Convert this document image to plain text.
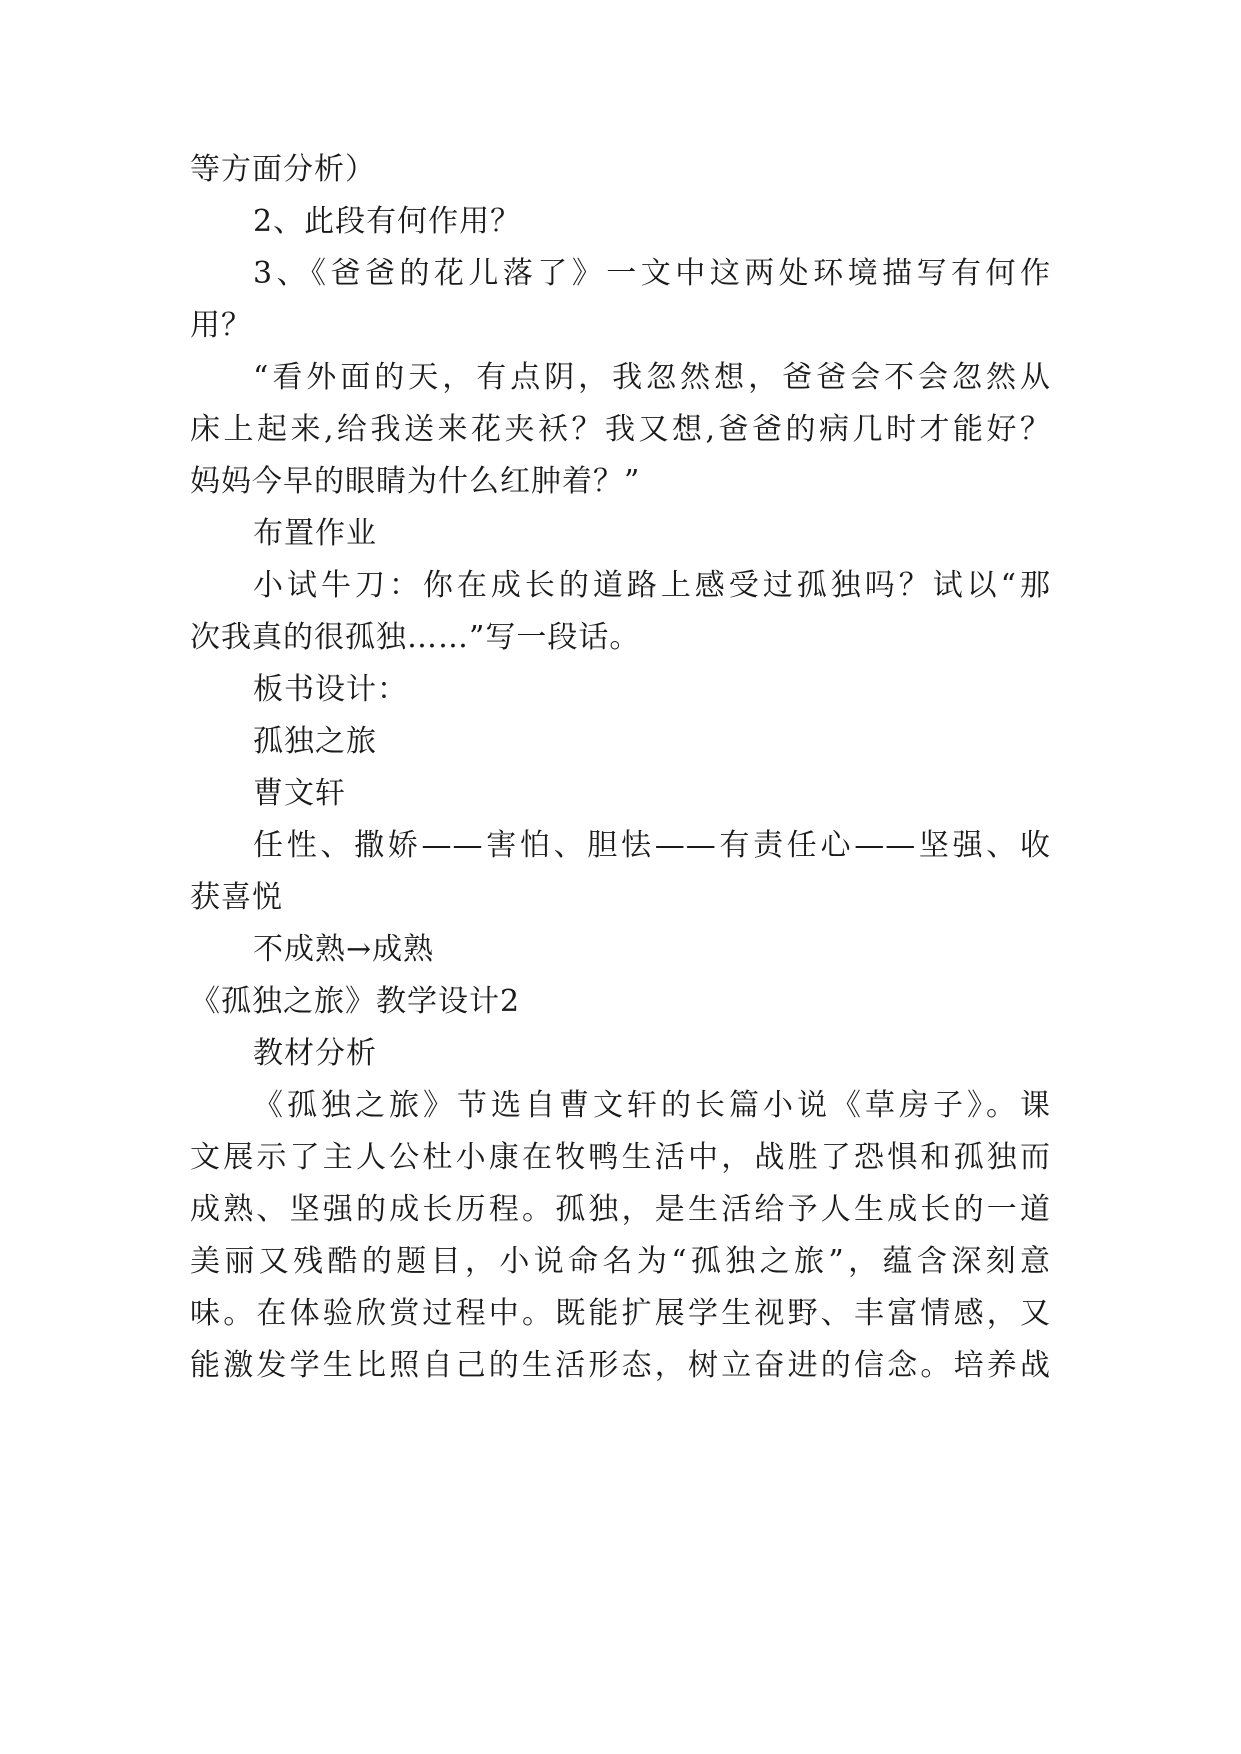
等方面分析）
2、此段有何作用？
3、《爸爸的花儿落了》一文中这两处环境描写有何作
用？
“看外面的天，有点阴，我忽然想，爸爸会不会忽然从
床上起来,给我送来花夹袄？我又想,爸爸的病几时才能好？
妈妈今早的眼睛为什么红肿着？”
布置作业
小试牛刀：你在成长的道路上感受过孤独吗？试以“那
次我真的很孤独……”写一段话。
板书设计：
孤独之旅
曹文轩
任性、撒娇——害怕、胆怯——有责任心——坚强、收
获喜悦
不成熟→成熟
《孤独之旅》教学设计2
教材分析
《孤独之旅》节选自曹文轩的长篇小说《草房子》。课
文展示了主人公杜小康在牧鸭生活中，战胜了恐惧和孤独而
成熟、坚强的成长历程。孤独，是生活给予人生成长的一道
美丽又残酷的题目，小说命名为“孤独之旅”，蕴含深刻意
味。在体验欣赏过程中。既能扩展学生视野、丰富情感，又
能激发学生比照自己的生活形态，树立奋进的信念。培养战
